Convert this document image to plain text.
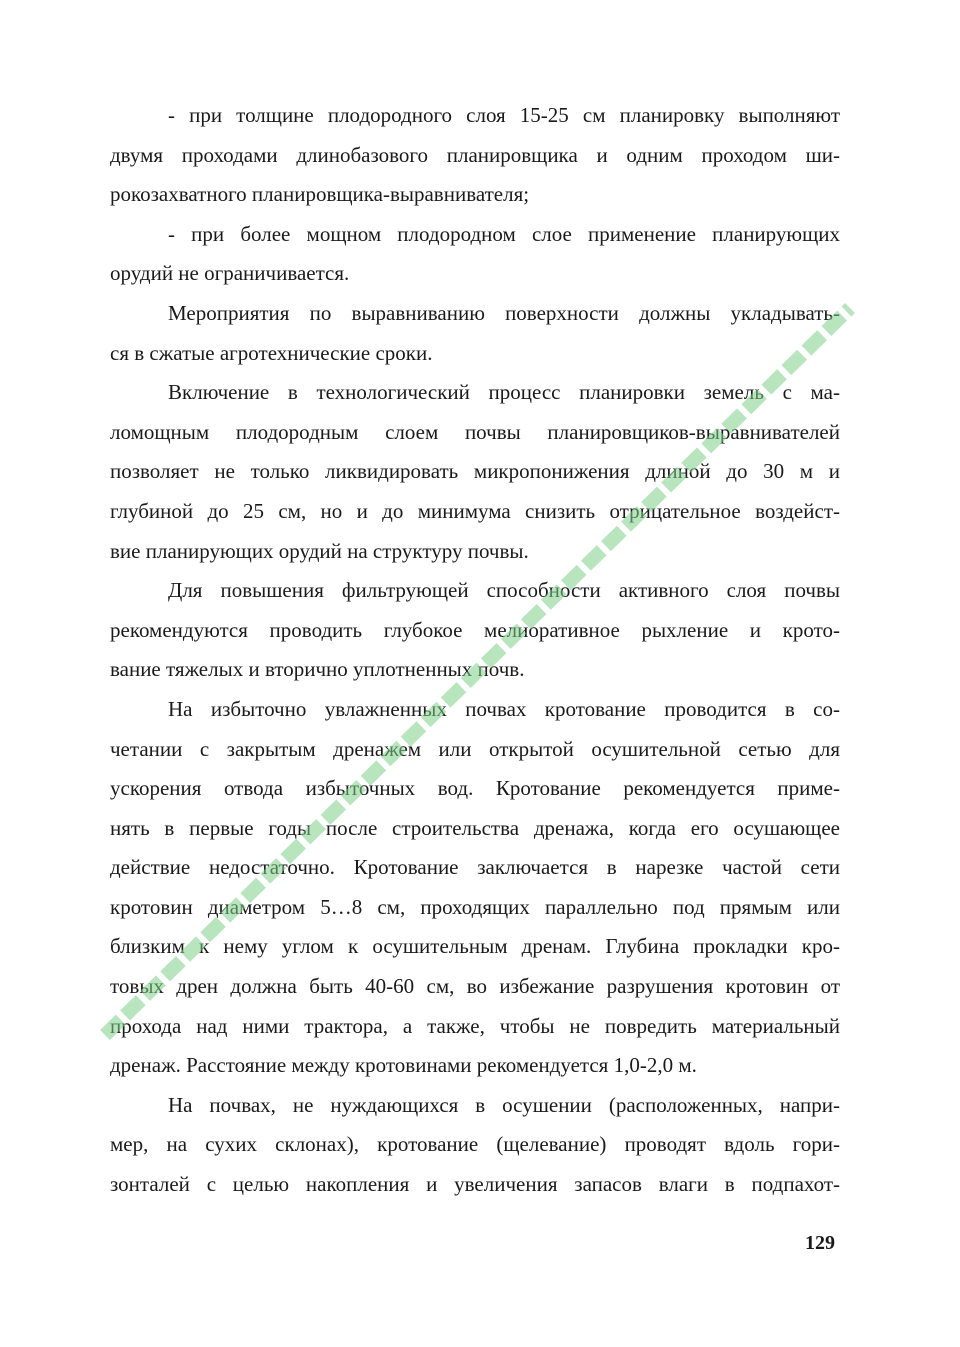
- при толщине плодородного слоя 15-25 см планировку выполняют
двумя проходами длинобазового планировщика и одним проходом ши-
рокозахватного планировщика-выравнивателя;
- при более мощном плодородном слое применение планирующих
орудий не ограничивается.
Мероприятия по выравниванию поверхности должны укладывать-
ся в сжатые агротехнические сроки.
Включение в технологический процесс планировки земель с ма-
ломощным плодородным слоем почвы планировщиков-выравнивателей
позволяет не только ликвидировать микропонижения длиной до 30 м и
глубиной до 25 см, но и до минимума снизить отрицательное воздейст-
вие планирующих орудий на структуру почвы.
Для повышения фильтрующей способности активного слоя почвы
рекомендуются проводить глубокое мелиоративное рыхление и крото-
вание тяжелых и вторично уплотненных почв.
На избыточно увлажненных почвах кротование проводится в со-
четании с закрытым дренажем или открытой осушительной сетью для
ускорения отвода избыточных вод. Кротование рекомендуется приме-
нять в первые годы после строительства дренажа, когда его осушающее
действие недостаточно. Кротование заключается в нарезке частой сети
кротовин диаметром 5…8 см, проходящих параллельно под прямым или
близким к нему углом к осушительным дренам. Глубина прокладки кро-
товых дрен должна быть 40-60 см, во избежание разрушения кротовин от
прохода над ними трактора, а также, чтобы не повредить материальный
дренаж. Расстояние между кротовинами рекомендуется 1,0-2,0 м.
На почвах, не нуждающихся в осушении (расположенных, напри-
мер, на сухих склонах), кротование (щелевание) проводят вдоль гори-
зонталей с целью накопления и увеличения запасов влаги в подпахот-
129
